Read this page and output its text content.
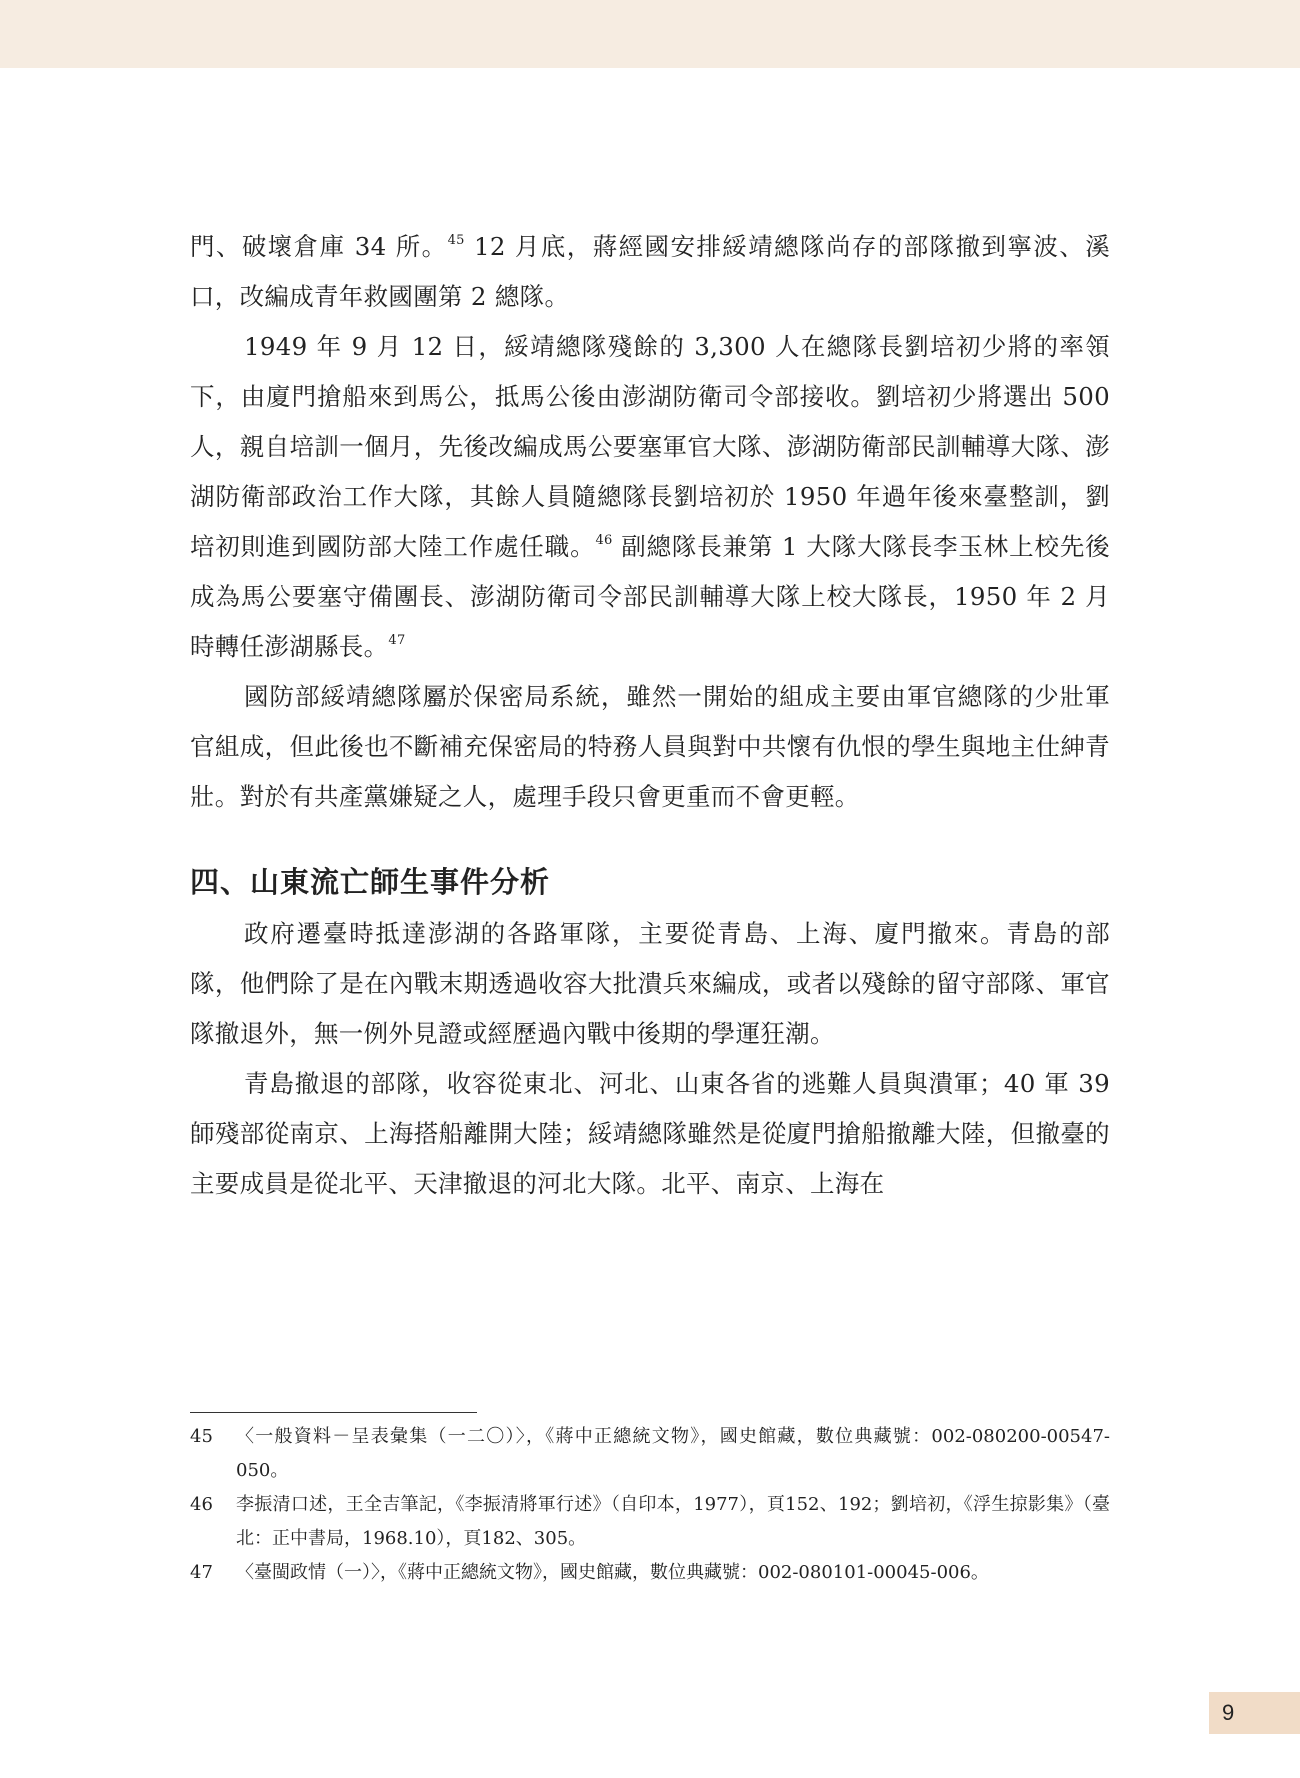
門、破壞倉庫 34 所。$^{45}$ 12 月底，蔣經國安排綏靖總隊尚存的部隊撤到寧波、溪口，改編成青年救國團第 2 總隊。

1949 年 9 月 12 日，綏靖總隊殘餘的 3,300 人在總隊長劉培初少將的率領下，由廈門搶船來到馬公，抵馬公後由澎湖防衛司令部接收。劉培初少將選出 500 人，親自培訓一個月，先後改編成馬公要塞軍官大隊、澎湖防衛部民訓輔導大隊、澎湖防衛部政治工作大隊，其餘人員隨總隊長劉培初於 1950 年過年後來臺整訓，劉培初則進到國防部大陸工作處任職。$^{46}$ 副總隊長兼第 1 大隊大隊長李玉林上校先後成為馬公要塞守備團長、澎湖防衛司令部民訓輔導大隊上校大隊長，1950 年 2 月時轉任澎湖縣長。$^{47}$

國防部綏靖總隊屬於保密局系統，雖然一開始的組成主要由軍官總隊的少壯軍官組成，但此後也不斷補充保密局的特務人員與對中共懷有仇恨的學生與地主仕紳青壯。對於有共產黨嫌疑之人，處理手段只會更重而不會更輕。

四、山東流亡師生事件分析

政府遷臺時抵達澎湖的各路軍隊，主要從青島、上海、廈門撤來。青島的部隊，他們除了是在內戰末期透過收容大批潰兵來編成，或者以殘餘的留守部隊、軍官隊撤退外，無一例外見證或經歷過內戰中後期的學運狂潮。

青島撤退的部隊，收容從東北、河北、山東各省的逃難人員與潰軍；40 軍 39 師殘部從南京、上海搭船離開大陸；綏靖總隊雖然是從廈門搶船撤離大陸，但撤臺的主要成員是從北平、天津撤退的河北大隊。北平、南京、上海在

45	〈一般資料－呈表彙集（一二〇）〉，《蔣中正總統文物》，國史館藏，數位典藏號：002-080200-00547-050。
46	李振清口述，王全吉筆記，《李振清將軍行述》（自印本，1977），頁152、192；劉培初，《浮生掠影集》（臺北：正中書局，1968.10），頁182、305。
47	〈臺閩政情（一）〉，《蔣中正總統文物》，國史館藏，數位典藏號：002-080101-00045-006。
9
